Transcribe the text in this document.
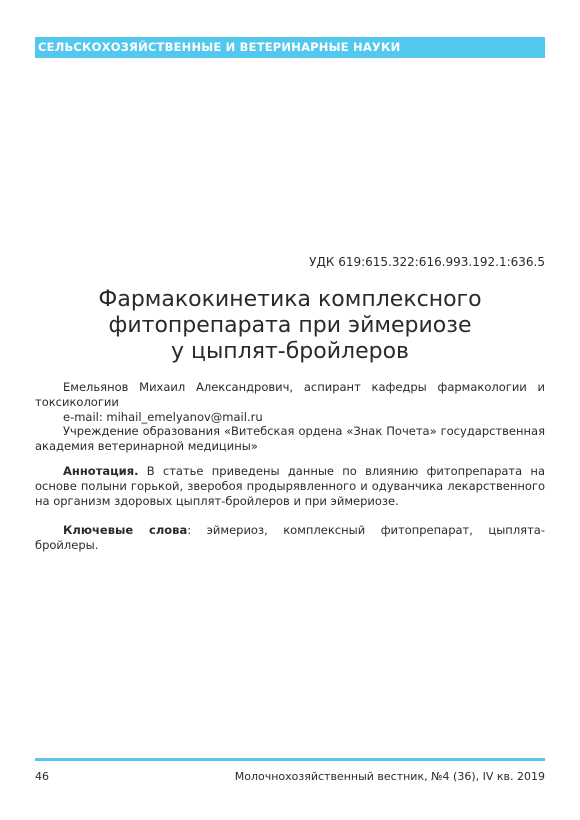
СЕЛЬСКОХОЗЯЙСТВЕННЫЕ И ВЕТЕРИНАРНЫЕ НАУКИ
УДК 619:615.322:616.993.192.1:636.5
Фармакокинетика комплексного
фитопрепарата при эймериозе
у цыплят-бройлеров

Емельянов Михаил Александрович, аспирант кафедры фармакологии и токсикологии

e-mail: mihail_emelyanov@mail.ru

Учреждение образования «Витебская ордена «Знак Почета» государственная академия ветеринарной медицины»

Аннотация. В статье приведены данные по влиянию фитопрепарата на основе полыни горькой, зверобоя продырявленного и одуванчика лекарственного на организм здоровых цыплят-бройлеров и при эймериозе.

Ключевые слова: эймериоз, комплексный фитопрепарат, цыплята-бройлеры.

46	Молочнохозяйственный вестник, №4 (36), IV кв. 2019
